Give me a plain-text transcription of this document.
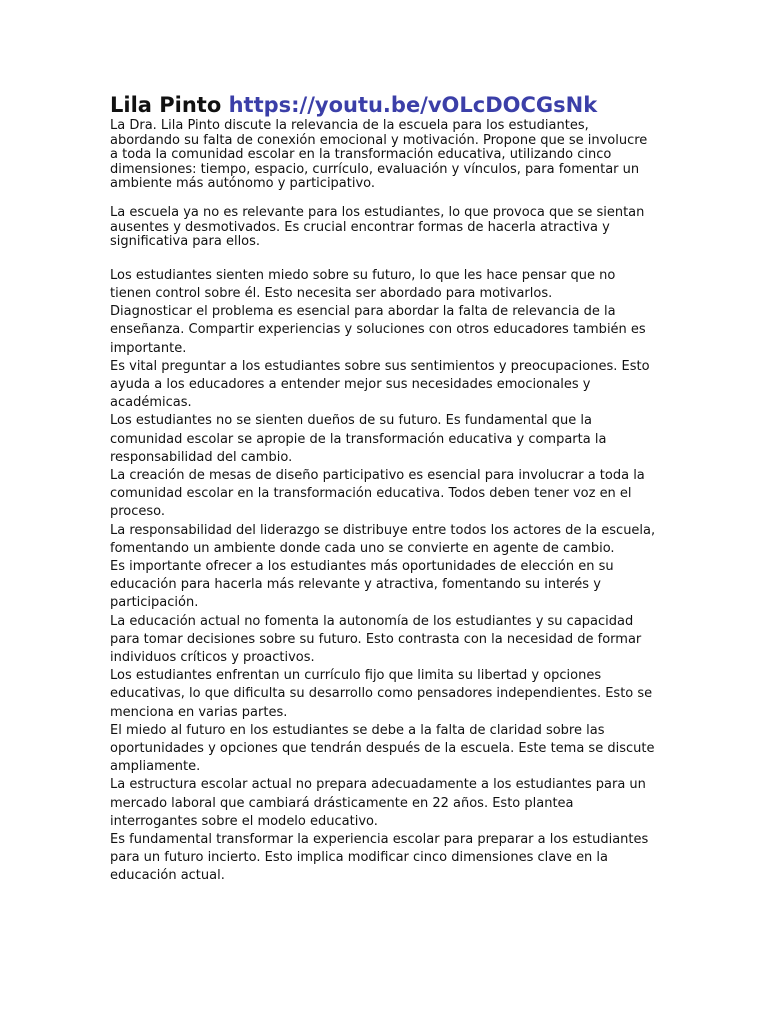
Lila Pinto https://youtu.be/vOLcDOCGsNk

La Dra. Lila Pinto discute la relevancia de la escuela para los estudiantes, abordando su falta de conexión emocional y motivación. Propone que se involucre a toda la comunidad escolar en la transformación educativa, utilizando cinco dimensiones: tiempo, espacio, currículo, evaluación y vínculos, para fomentar un ambiente más autónomo y participativo.

La escuela ya no es relevante para los estudiantes, lo que provoca que se sientan ausentes y desmotivados. Es crucial encontrar formas de hacerla atractiva y significativa para ellos.

Los estudiantes sienten miedo sobre su futuro, lo que les hace pensar que no tienen control sobre él. Esto necesita ser abordado para motivarlos.

Diagnosticar el problema es esencial para abordar la falta de relevancia de la enseñanza. Compartir experiencias y soluciones con otros educadores también es importante.

Es vital preguntar a los estudiantes sobre sus sentimientos y preocupaciones. Esto ayuda a los educadores a entender mejor sus necesidades emocionales y académicas.

Los estudiantes no se sienten dueños de su futuro. Es fundamental que la comunidad escolar se apropie de la transformación educativa y comparta la responsabilidad del cambio.

La creación de mesas de diseño participativo es esencial para involucrar a toda la comunidad escolar en la transformación educativa. Todos deben tener voz en el proceso.

La responsabilidad del liderazgo se distribuye entre todos los actores de la escuela, fomentando un ambiente donde cada uno se convierte en agente de cambio.

Es importante ofrecer a los estudiantes más oportunidades de elección en su educación para hacerla más relevante y atractiva, fomentando su interés y participación.

La educación actual no fomenta la autonomía de los estudiantes y su capacidad para tomar decisiones sobre su futuro. Esto contrasta con la necesidad de formar individuos críticos y proactivos.

Los estudiantes enfrentan un currículo fijo que limita su libertad y opciones educativas, lo que dificulta su desarrollo como pensadores independientes. Esto se menciona en varias partes.

El miedo al futuro en los estudiantes se debe a la falta de claridad sobre las oportunidades y opciones que tendrán después de la escuela. Este tema se discute ampliamente.

La estructura escolar actual no prepara adecuadamente a los estudiantes para un mercado laboral que cambiará drásticamente en 22 años. Esto plantea interrogantes sobre el modelo educativo.

Es fundamental transformar la experiencia escolar para preparar a los estudiantes para un futuro incierto. Esto implica modificar cinco dimensiones clave en la educación actual.
